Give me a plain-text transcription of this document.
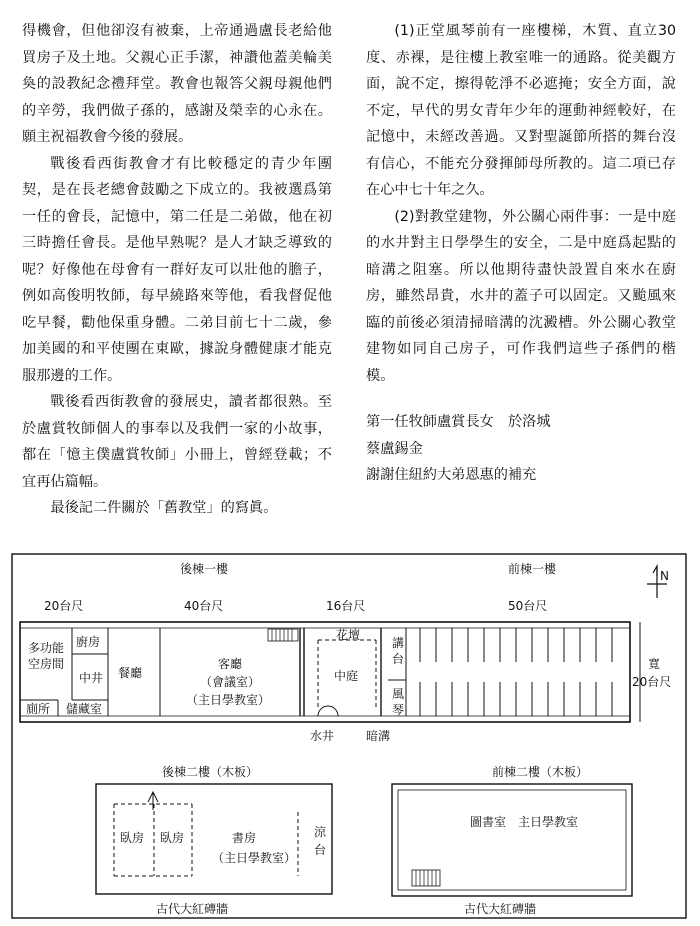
得機會，但他卻沒有被棄，上帝通過盧長老給他買房子及土地。父親心正手潔，神讚他蓋美輪美奐的設教紀念禮拜堂。教會也報答父親母親他們的辛勞，我們做子孫的，感謝及榮幸的心永在。願主祝福教會今後的發展。

戰後看西街教會才有比較穩定的青少年團契，是在長老總會鼓勵之下成立的。我被選爲第一任的會長，記憶中，第二任是二弟做，他在初三時擔任會長。是他早熟呢？是人才缺乏導致的呢？好像他在母會有一群好友可以壯他的膽子，例如高俊明牧師，每早繞路來等他，看我督促他吃早餐，勸他保重身體。二弟目前七十二歲，參加美國的和平使團在東歐，據說身體健康才能克服那邊的工作。

戰後看西街教會的發展史，讀者都很熟。至於盧賞牧師個人的事奉以及我們一家的小故事，都在「憶主僕盧賞牧師」小冊上，曾經登載；不宜再佔篇幅。

最後記二件關於「舊教堂」的寫眞。

(1)正堂風琴前有一座樓梯，木質、直立30度、赤裸，是往樓上教室唯一的通路。從美觀方面，說不定，擦得乾淨不必遮掩；安全方面，說不定，早代的男女青年少年的運動神經較好，在記憶中，未經改善過。又對聖誕節所搭的舞台沒有信心，不能充分發揮師母所教的。這二項已存在心中七十年之久。

(2)對教堂建物，外公關心兩件事：一是中庭的水井對主日學學生的安全，二是中庭爲起點的暗溝之阻塞。所以他期待盡快設置自來水在廚房，雖然昂貴，水井的蓋子可以固定。又颱風來臨的前後必須清掃暗溝的沈澱槽。外公關心教堂建物如同自己房子，可作我們這些子孫們的楷模。

第一任牧師盧賞長女　於洛城

蔡盧錫金

謝謝住紐約大弟恩惠的補充

N
後棟一樓	前棟一樓
20台尺	40台尺	16台尺	50台尺
多功能
空房間
廚房
中井
廁所 儲藏室
餐廳
客廳
（會議室）
（主日學教室）
花壇
中庭
講
台
風
琴
寬
20台尺
水井	暗溝
後棟二樓（木板）	前棟二樓（木板）
臥房 臥房	書房
（主日學教室）
涼
台
古代大紅磚牆
圖書室　主日學教室
古代大紅磚牆
